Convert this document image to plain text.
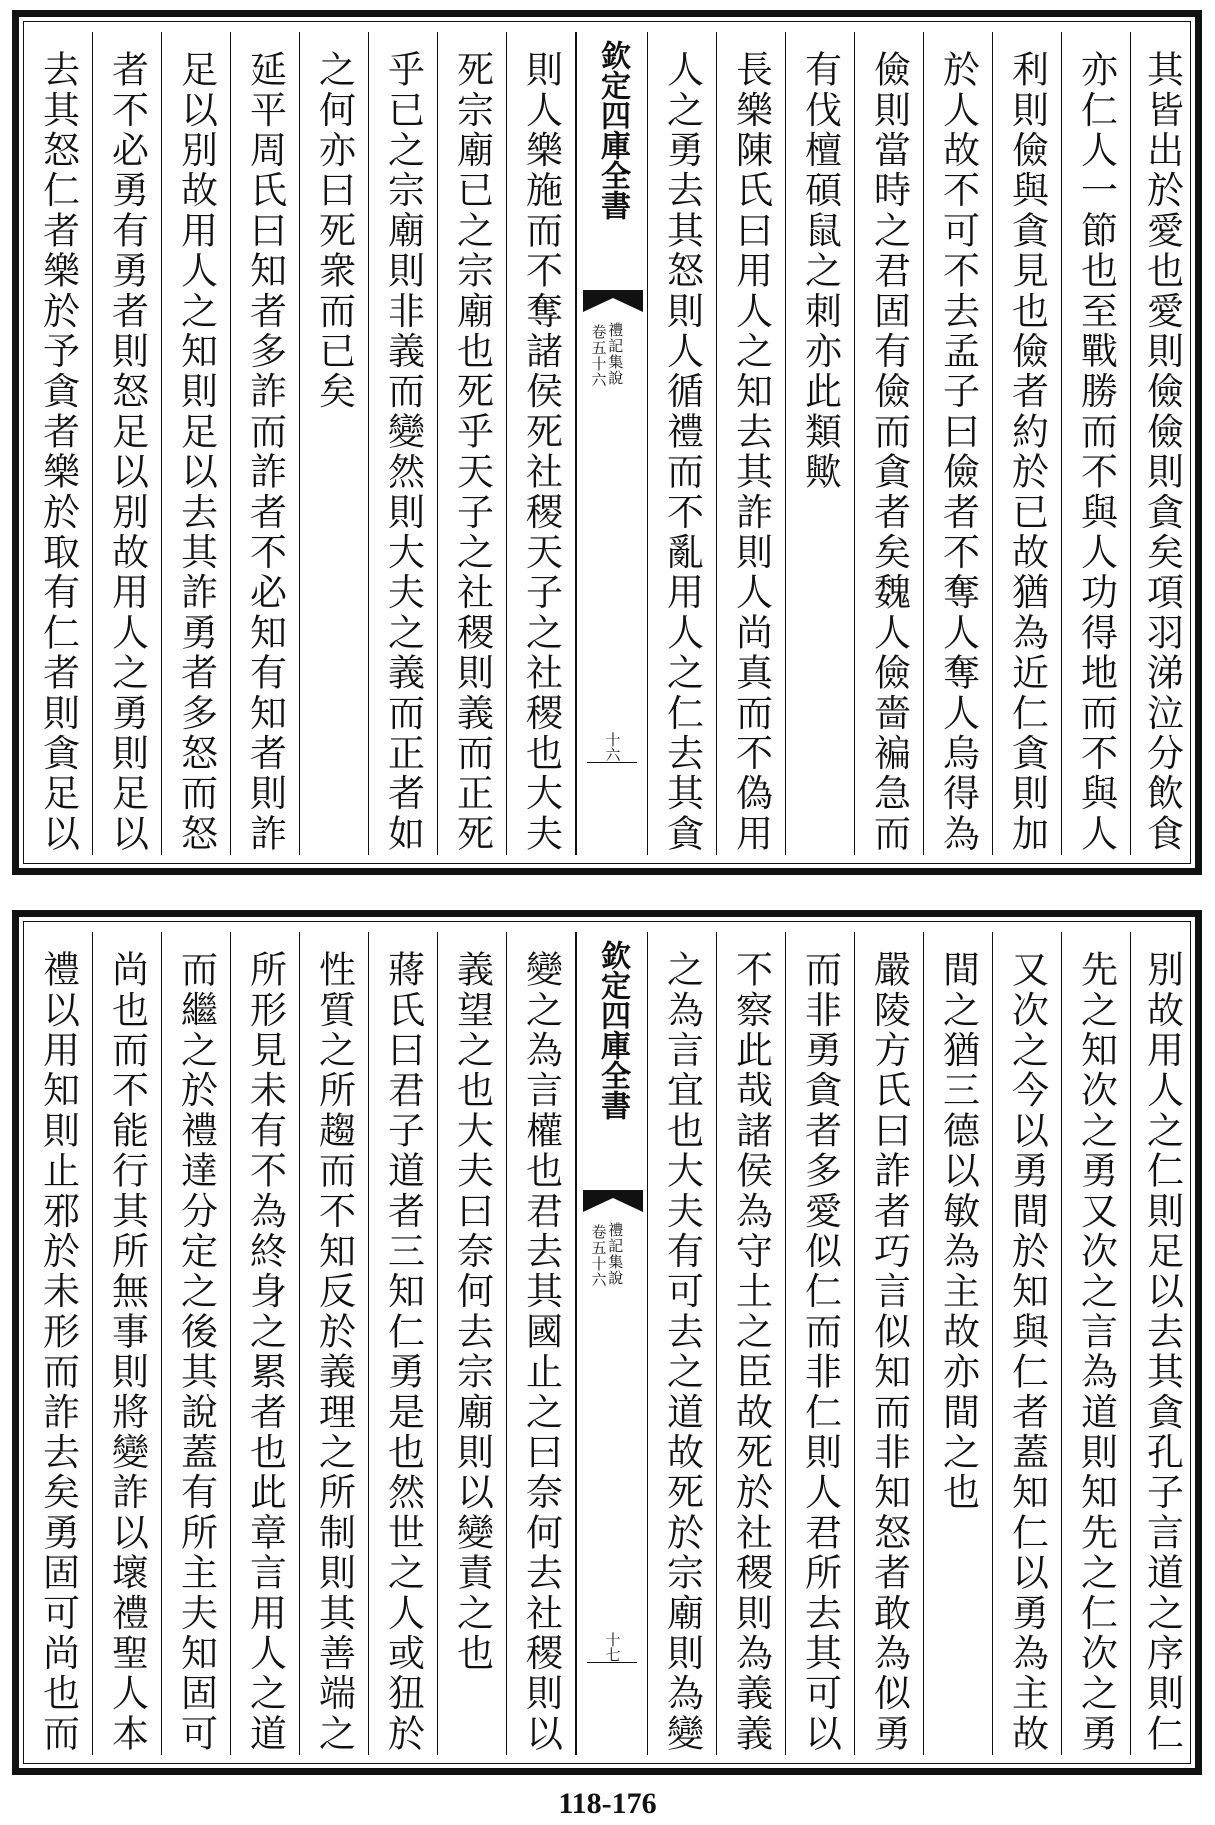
去其怒仁者樂於予貪者樂於取有仁者則貪足以 者不必勇有勇者則怒足以別故用人之勇則足以 足以別故用人之知則足以去其詐勇者多怒而怒 延平周氏曰知者多詐而詐者不必知有知者則詐 之何亦曰死衆而已矣 乎已之宗廟則非義而變然則大夫之義而正者如 死宗廟已之宗廟也死乎天子之社稷則義而正死 則人樂施而不奪諸侯死社稷天子之社稷也大夫 欽定四庫全書
禮記集說
卷五十六
十六 人之勇去其怒則人循禮而不亂用人之仁去其貪 長樂陳氏曰用人之知去其詐則人尚真而不偽用 有伐檀碩鼠之刺亦此類歟 儉則當時之君固有儉而貪者矣魏人儉嗇褊急而 於人故不可不去孟子曰儉者不奪人奪人烏得為 利則儉與貪見也儉者約於已故猶為近仁貪則加 亦仁人一節也至戰勝而不與人功得地而不與人 其皆出於愛也愛則儉儉則貪矣項羽涕泣分飲食
禮以用知則止邪於未形而詐去矣勇固可尚也而 尚也而不能行其所無事則將變詐以壞禮聖人本 而繼之於禮達分定之後其說蓋有所主夫知固可 所形見未有不為終身之累者也此章言用人之道 性質之所趨而不知反於義理之所制則其善端之 蔣氏曰君子道者三知仁勇是也然世之人或狃於 義望之也大夫曰奈何去宗廟則以變責之也 變之為言權也君去其國止之曰奈何去社稷則以 欽定四庫全書
禮記集說
卷五十六
十七 之為言宜也大夫有可去之道故死於宗廟則為變 不察此哉諸侯為守土之臣故死於社稷則為義義 而非勇貪者多愛似仁而非仁則人君所去其可以 嚴陵方氏曰詐者巧言似知而非知怒者敢為似勇 間之猶三德以敏為主故亦間之也 又次之今以勇間於知與仁者蓋知仁以勇為主故 先之知次之勇又次之言為道則知先之仁次之勇 別故用人之仁則足以去其貪孔子言道之序則仁
118-176
